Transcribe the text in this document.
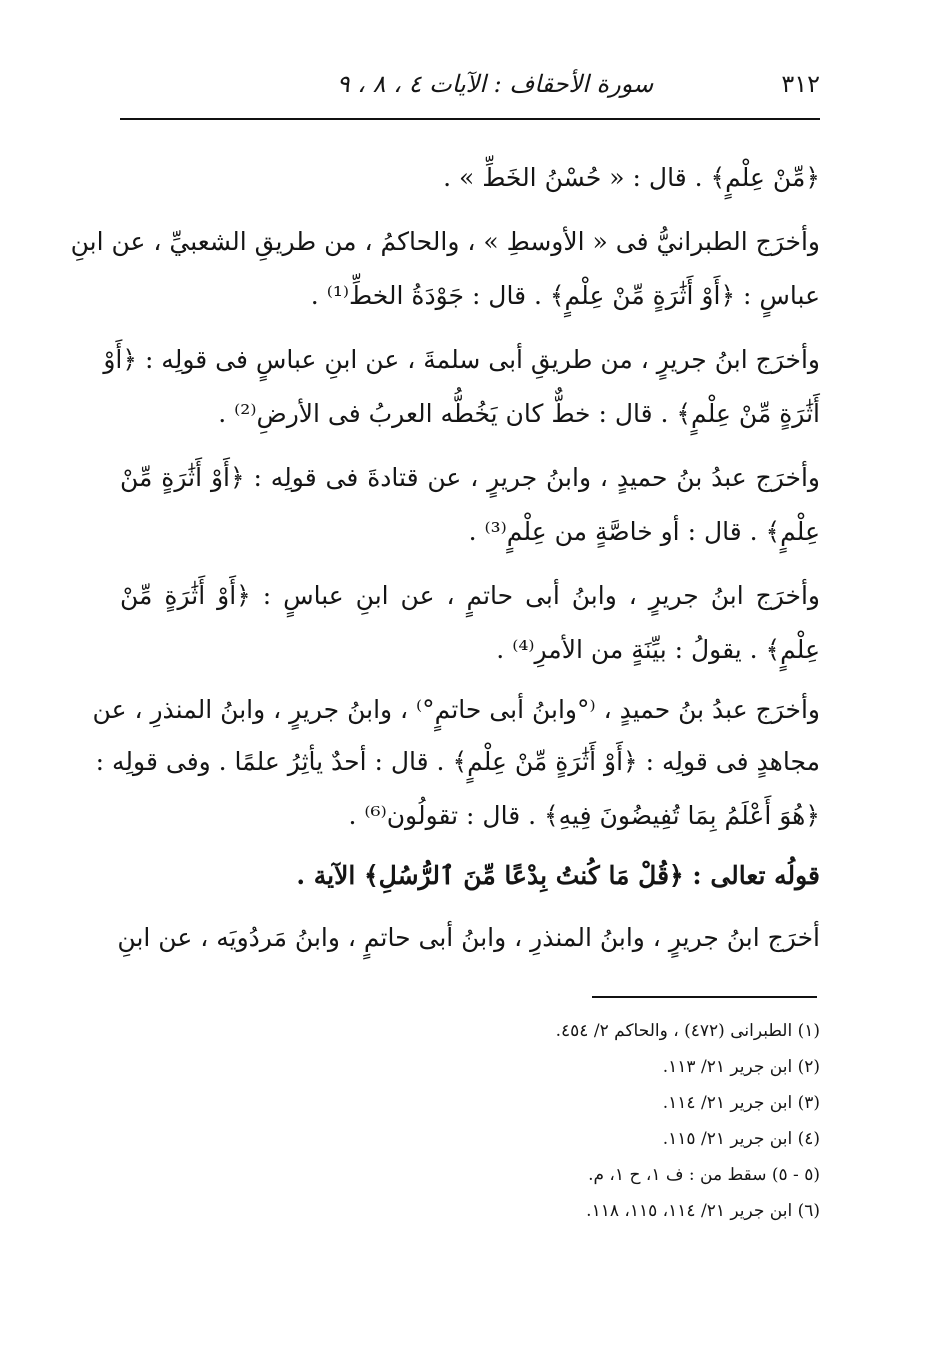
٣١٢
سورة الأحقاف : الآيات ٤ ، ٨ ، ٩
﴿مِّنْ عِلْمٍ﴾ . قال : « حُسْنُ الخَطِّ » .
وأخرَج الطبرانيُّ فى « الأوسطِ » ، والحاكمُ ، من طريقِ الشعبيِّ ، عن ابنِ
عباسٍ : ﴿أَوْ أَثَٰرَةٍ مِّنْ عِلْمٍ﴾ . قال : جَوْدَةُ الخطِّ⁽¹⁾ .
وأخرَج ابنُ جريرٍ ، من طريقِ أبى سلمةَ ، عن ابنِ عباسٍ فى قولِه : ﴿أَوْ
أَثَٰرَةٍ مِّنْ عِلْمٍ﴾ . قال : خطٌّ كان يَخُطُّه العربُ فى الأرضِ⁽²⁾ .
وأخرَج عبدُ بنُ حميدٍ ، وابنُ جريرٍ ، عن قتادةَ فى قولِه : ﴿أَوْ أَثَٰرَةٍ مِّنْ
عِلْمٍ﴾ . قال : أو خاصَّةٍ من عِلْمٍ⁽³⁾ .
وأخرَج ابنُ جريرٍ ، وابنُ أبى حاتمٍ ، عن ابنِ عباسٍ : ﴿أَوْ أَثَٰرَةٍ مِّنْ
عِلْمٍ﴾ . يقولُ : بيِّنَةٍ من الأمرِ⁽⁴⁾ .
وأخرَج عبدُ بنُ حميدٍ ، ⁽°وابنُ أبى حاتمٍ°⁾ ، وابنُ جريرٍ ، وابنُ المنذرِ ، عن
مجاهدٍ فى قولِه : ﴿أَوْ أَثَٰرَةٍ مِّنْ عِلْمٍ﴾ . قال : أحدٌ يأثِرُ علمًا . وفى قولِه :
﴿هُوَ أَعْلَمُ بِمَا تُفِيضُونَ فِيهِ﴾ . قال : تقولُون⁽⁶⁾ .
قولُه تعالى : ﴿قُلْ مَا كُنتُ بِدْعًا مِّنَ ٱلرُّسُلِ﴾ الآية .
أخرَج ابنُ جريرٍ ، وابنُ المنذرِ ، وابنُ أبى حاتمٍ ، وابنُ مَردُويَه ، عن ابنِ
(١) الطبرانى (٤٧٢) ، والحاكم ٢/ ٤٥٤.
(٢) ابن جرير ٢١/ ١١٣.
(٣) ابن جرير ٢١/ ١١٤.
(٤) ابن جرير ٢١/ ١١٥.
(٥ - ٥) سقط من : ف ١، ح ١، م.
(٦) ابن جرير ٢١/ ١١٤، ١١٥، ١١٨.
